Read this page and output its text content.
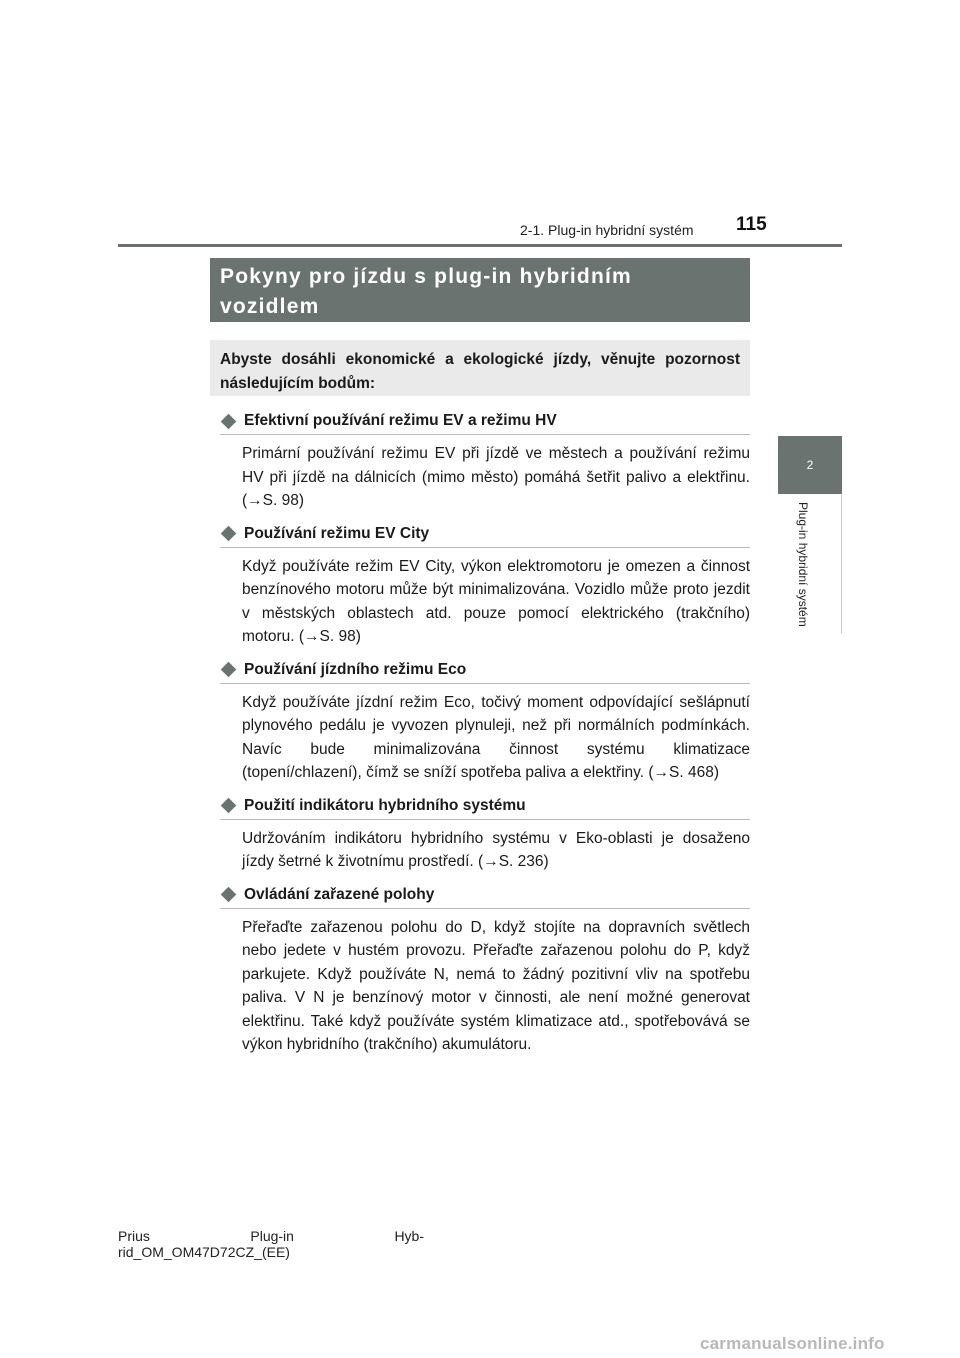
2-1. Plug-in hybridní systém 115
Pokyny pro jízdu s plug-in hybridním
vozidlem
Abyste dosáhli ekonomické a ekologické jízdy, věnujte pozornost následujícím bodům:
Efektivní používání režimu EV a režimu HV
Primární používání režimu EV při jízdě ve městech a používání režimu HV při jízdě na dálnicích (mimo město) pomáhá šetřit palivo a elektřinu. (→S. 98)
Používání režimu EV City
Když používáte režim EV City, výkon elektromotoru je omezen a činnost benzínového motoru může být minimalizována. Vozidlo může proto jezdit v městských oblastech atd. pouze pomocí elektrického (trakčního) motoru. (→S. 98)
Používání jízdního režimu Eco
Když používáte jízdní režim Eco, točivý moment odpovídající sešlápnutí plynového pedálu je vyvozen plynuleji, než při normálních podmínkách. Navíc bude minimalizována činnost systému klimatizace (topení/chlazení), čímž se sníží spotřeba paliva a elektřiny. (→S. 468)
Použití indikátoru hybridního systému
Udržováním indikátoru hybridního systému v Eko-oblasti je dosaženo jízdy šetrné k životnímu prostředí. (→S. 236)
Ovládání zařazené polohy
Přeřaďte zařazenou polohu do D, když stojíte na dopravních světlech nebo jedete v hustém provozu. Přeřaďte zařazenou polohu do P, když parkujete. Když používáte N, nemá to žádný pozitivní vliv na spotřebu paliva. V N je benzínový motor v činnosti, ale není možné generovat elektřinu. Také když používáte systém klimatizace atd., spotřebovává se výkon hybridního (trakčního) akumulátoru.
2
Plug-in hybridní systém
Prius	Plug-in	Hyb-
rid_OM_OM47D72CZ_(EE)
carmanualsonline.info
